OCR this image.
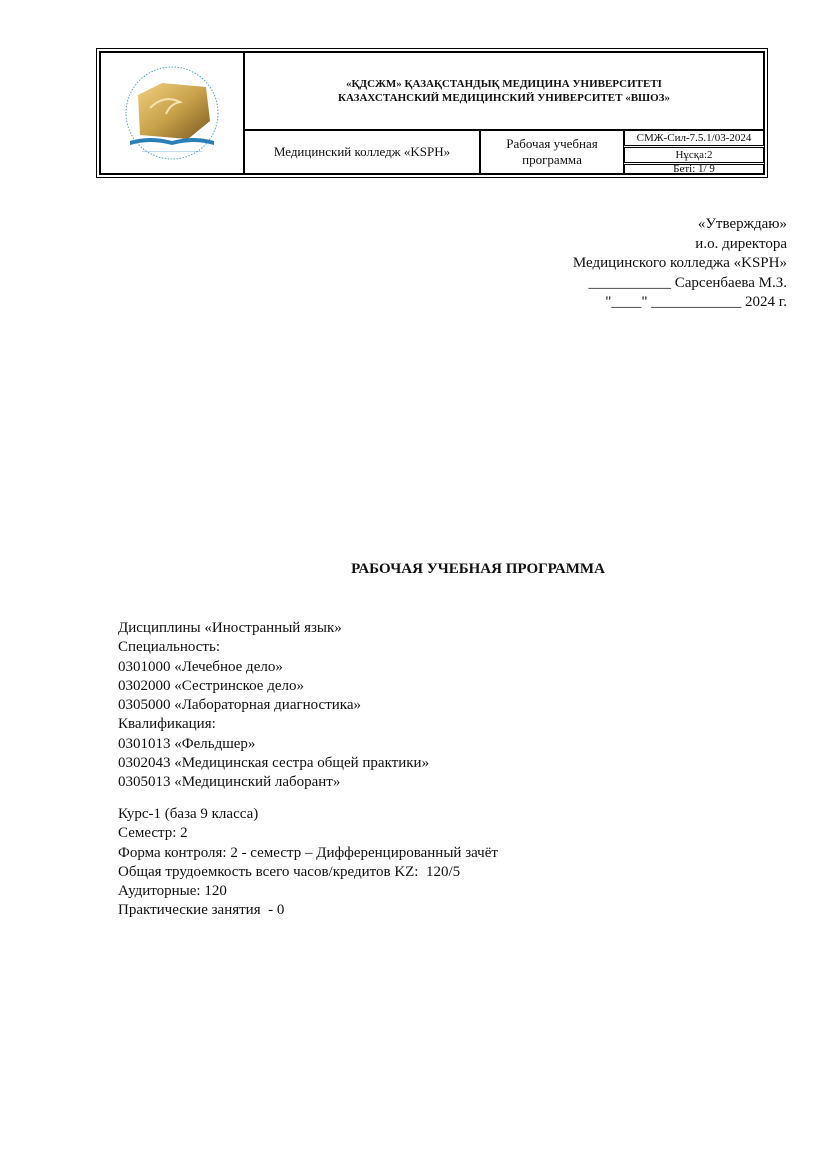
~~~~~~~~~~~~~~~~~~~~~~~~~~~~
«ҚДСЖМ» ҚАЗАҚСТАНДЫҚ МЕДИЦИНА УНИВЕРСИТЕТІ
КАЗАХСТАНСКИЙ МЕДИЦИНСКИЙ УНИВЕРСИТЕТ «ВШОЗ»
Медицинский колледж «KSPH»
Рабочая учебная
программа
СМЖ-Сил-7.5.1/03-2024
Нұсқа:2
Беті: 1/ 9
«Утверждаю»
и.о. директора
Медицинского колледжа «KSPH»
___________ Сарсенбаева М.З.
"____" ____________ 2024 г.
РАБОЧАЯ УЧЕБНАЯ ПРОГРАММА
Дисциплины «Иностранный язык»
Специальность:
0301000 «Лечебное дело»
0302000 «Сестринское дело»
0305000 «Лабораторная диагностика»
Квалификация:
0301013 «Фельдшер»
0302043 «Медицинская сестра общей практики»
0305013 «Медицинский лаборант»
Курс-1 (база 9 класса)
Семестр: 2
Форма контроля: 2 - семестр – Дифференцированный зачёт
Общая трудоемкость всего часов/кредитов KZ:  120/5
Аудиторные: 120
Практические занятия  - 0
